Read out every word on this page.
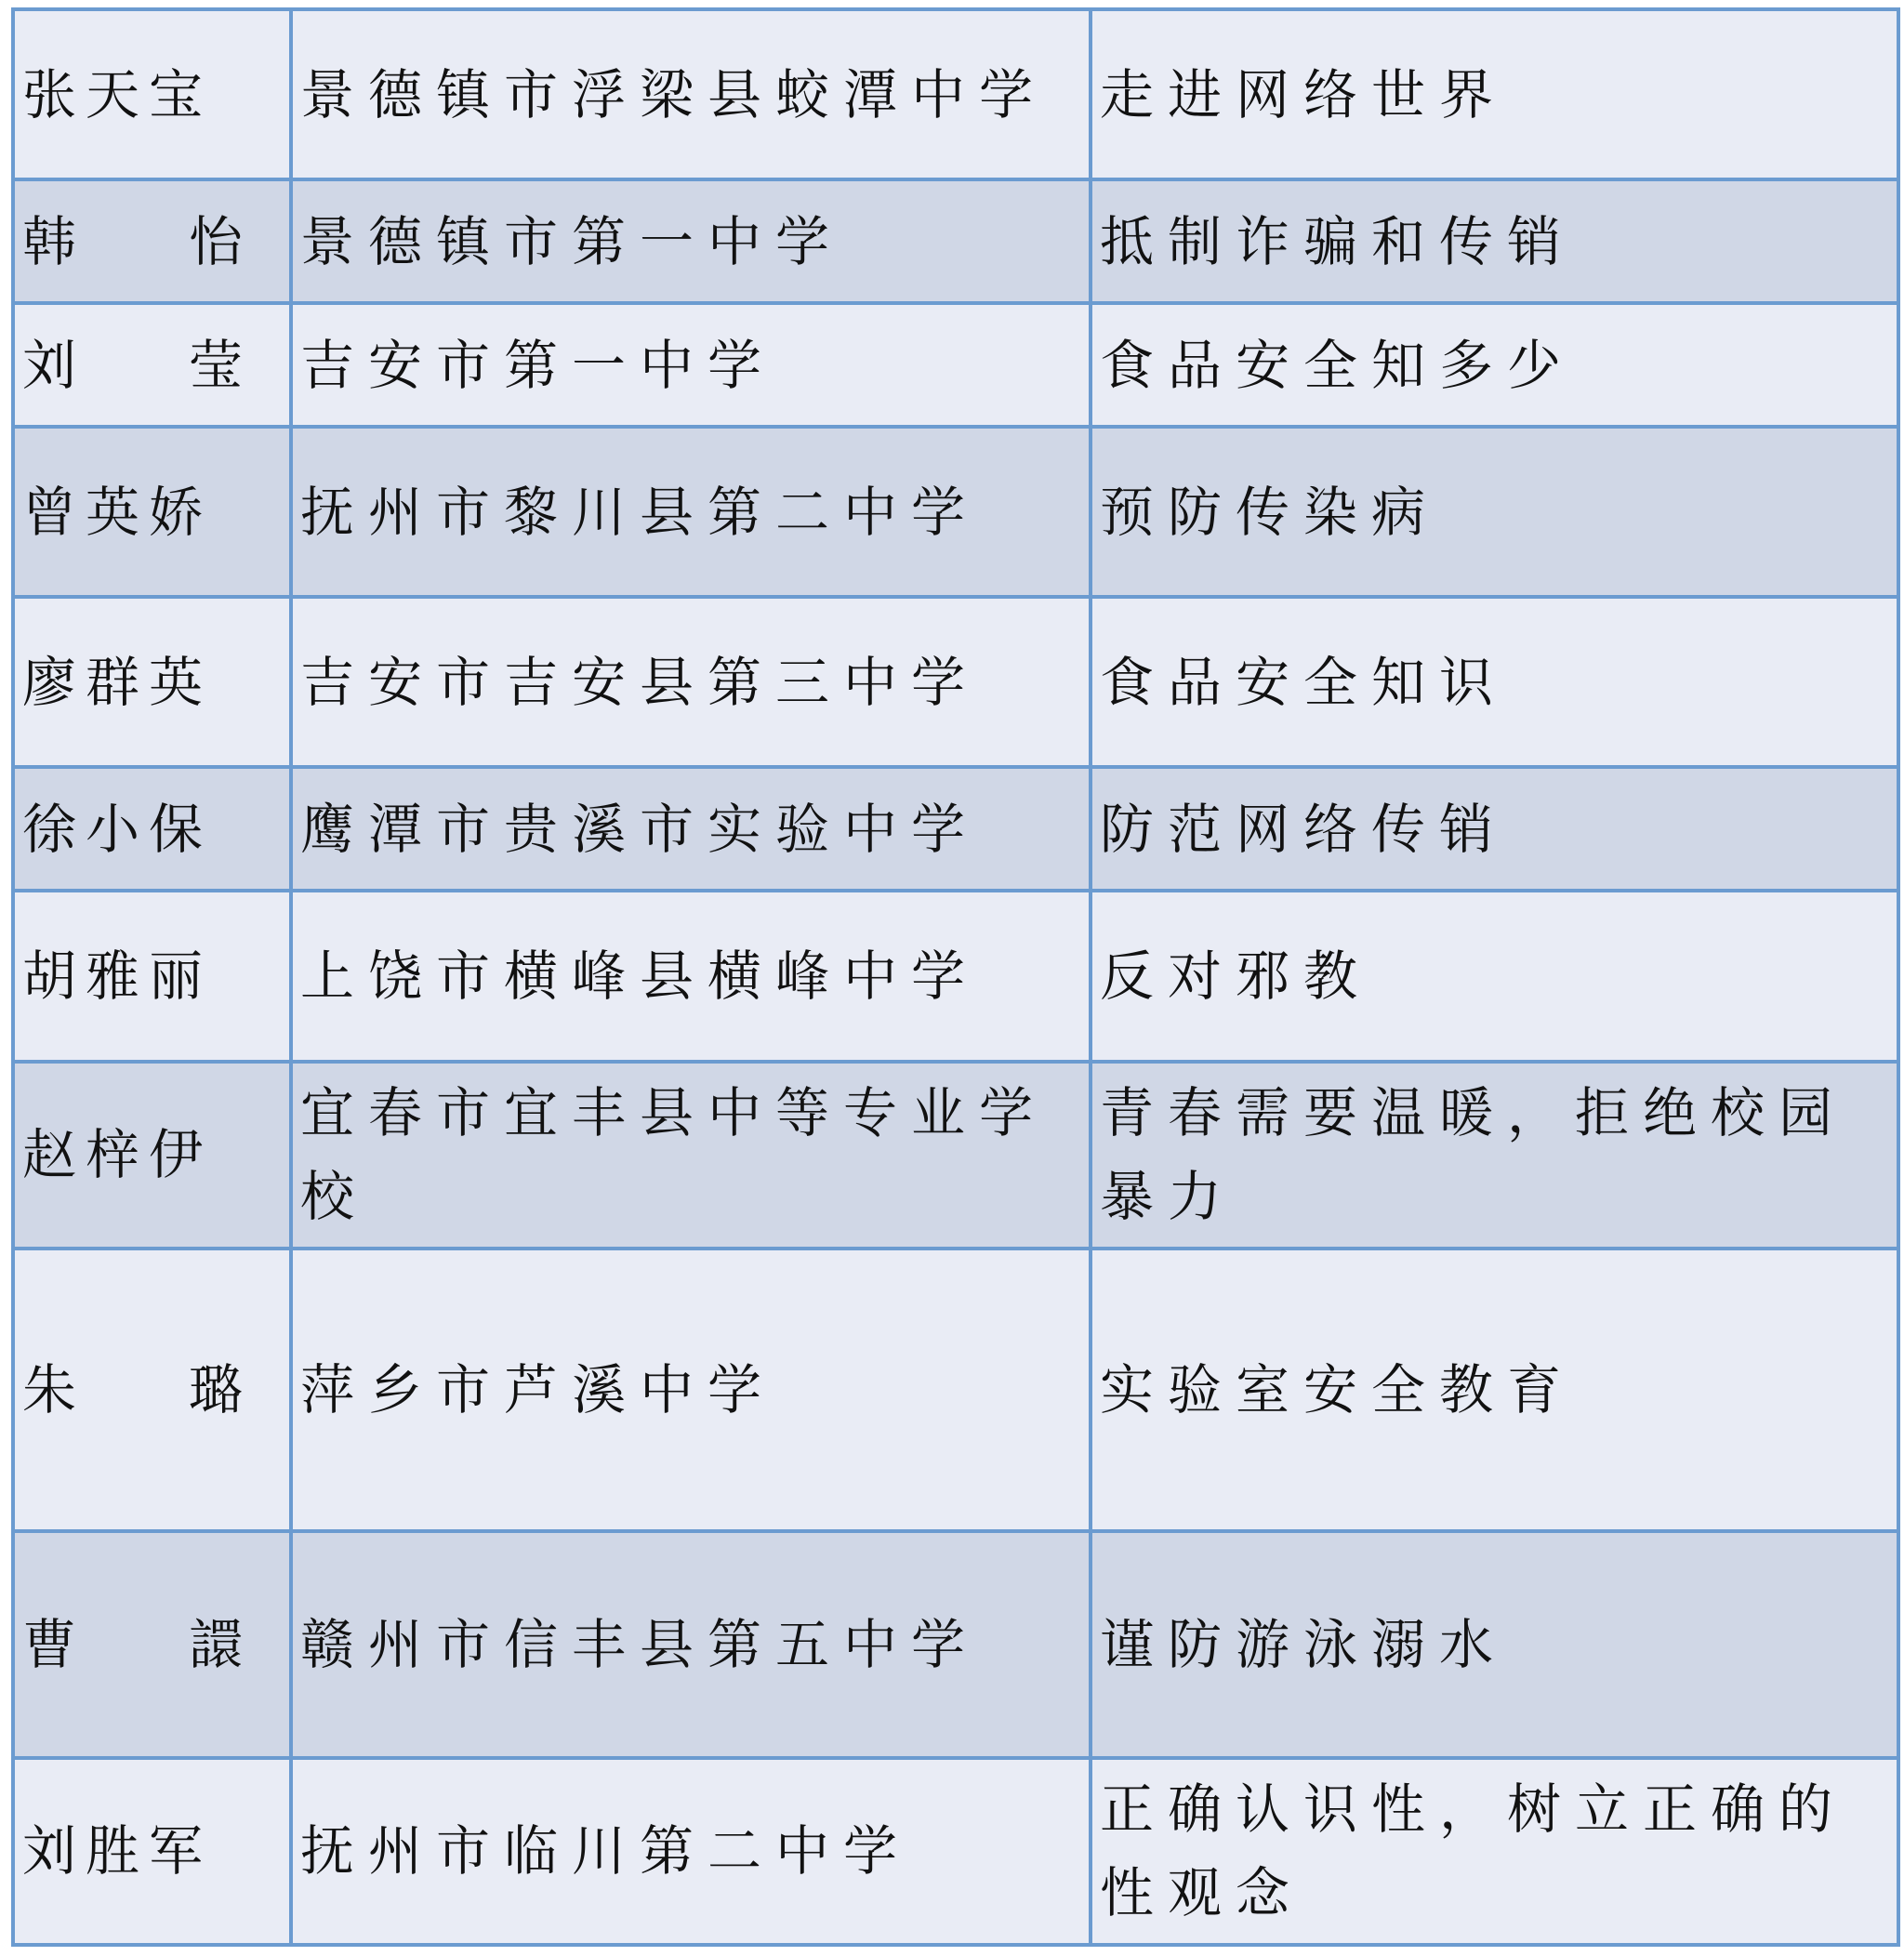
张天宝	景德镇市浮梁县蛟潭中学	走进网络世界

韩 怡	景德镇市第一中学	抵制诈骗和传销

刘 莹	吉安市第一中学	食品安全知多少
曾英娇	抚州市黎川县第二中学	预防传染病
廖群英	吉安市吉安县第三中学	食品安全知识
徐小保	鹰潭市贵溪市实验中学	防范网络传销
胡雅丽	上饶市横峰县横峰中学	反对邪教
赵梓伊	宜春市宜丰县中等专业学校	青春需要温暖，拒绝校园暴力

朱 璐	萍乡市芦溪中学	实验室安全教育

曹 譞	赣州市信丰县第五中学	谨防游泳溺水
刘胜军	抚州市临川第二中学	正确认识性，树立正确的性观念
